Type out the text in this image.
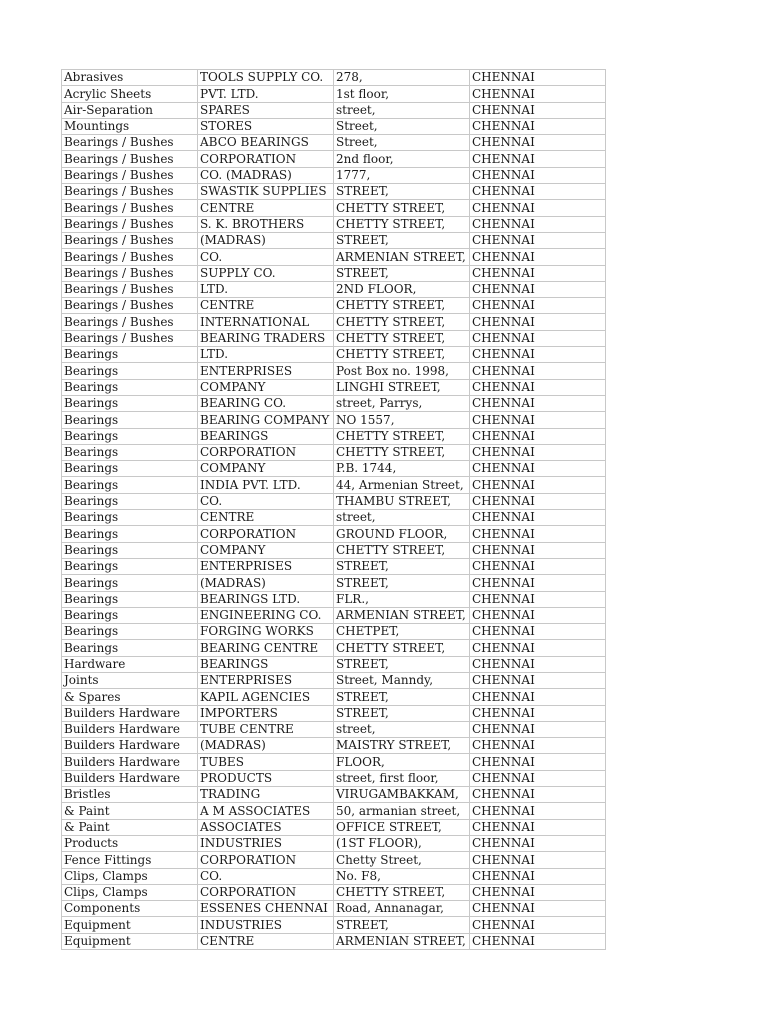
Abrasives	TOOLS SUPPLY CO.	278,	CHENNAI
Acrylic Sheets	PVT. LTD.	1st floor,	CHENNAI
Air-Separation	SPARES	street,	CHENNAI
Mountings	STORES	Street,	CHENNAI
Bearings / Bushes	ABCO BEARINGS	Street,	CHENNAI
Bearings / Bushes	CORPORATION	2nd floor,	CHENNAI
Bearings / Bushes	CO. (MADRAS)	1777,	CHENNAI
Bearings / Bushes	SWASTIK SUPPLIES	STREET,	CHENNAI
Bearings / Bushes	CENTRE	CHETTY STREET,	CHENNAI
Bearings / Bushes	S. K. BROTHERS	CHETTY STREET,	CHENNAI
Bearings / Bushes	(MADRAS)	STREET,	CHENNAI
Bearings / Bushes	CO.	ARMENIAN STREET,	CHENNAI
Bearings / Bushes	SUPPLY CO.	STREET,	CHENNAI
Bearings / Bushes	LTD.	2ND FLOOR,	CHENNAI
Bearings / Bushes	CENTRE	CHETTY STREET,	CHENNAI
Bearings / Bushes	INTERNATIONAL	CHETTY STREET,	CHENNAI
Bearings / Bushes	BEARING TRADERS	CHETTY STREET,	CHENNAI
Bearings	LTD.	CHETTY STREET,	CHENNAI
Bearings	ENTERPRISES	Post Box no. 1998,	CHENNAI
Bearings	COMPANY	LINGHI STREET,	CHENNAI
Bearings	BEARING CO.	street, Parrys,	CHENNAI
Bearings	BEARING COMPANY	NO 1557,	CHENNAI
Bearings	BEARINGS	CHETTY STREET,	CHENNAI
Bearings	CORPORATION	CHETTY STREET,	CHENNAI
Bearings	COMPANY	P.B. 1744,	CHENNAI
Bearings	INDIA PVT. LTD.	44, Armenian Street,	CHENNAI
Bearings	CO.	THAMBU STREET,	CHENNAI
Bearings	CENTRE	street,	CHENNAI
Bearings	CORPORATION	GROUND FLOOR,	CHENNAI
Bearings	COMPANY	CHETTY STREET,	CHENNAI
Bearings	ENTERPRISES	STREET,	CHENNAI
Bearings	(MADRAS)	STREET,	CHENNAI
Bearings	BEARINGS LTD.	FLR.,	CHENNAI
Bearings	ENGINEERING CO.	ARMENIAN STREET,	CHENNAI
Bearings	FORGING WORKS	CHETPET,	CHENNAI
Bearings	BEARING CENTRE	CHETTY STREET,	CHENNAI
Hardware	BEARINGS	STREET,	CHENNAI
Joints	ENTERPRISES	Street, Manndy,	CHENNAI
& Spares	KAPIL AGENCIES	STREET,	CHENNAI
Builders Hardware	IMPORTERS	STREET,	CHENNAI
Builders Hardware	TUBE CENTRE	street,	CHENNAI
Builders Hardware	(MADRAS)	MAISTRY STREET,	CHENNAI
Builders Hardware	TUBES	FLOOR,	CHENNAI
Builders Hardware	PRODUCTS	street, first floor,	CHENNAI
Bristles	TRADING	VIRUGAMBAKKAM,	CHENNAI
& Paint	A M ASSOCIATES	50, armanian street,	CHENNAI
& Paint	ASSOCIATES	OFFICE STREET,	CHENNAI
Products	INDUSTRIES	(1ST FLOOR),	CHENNAI
Fence Fittings	CORPORATION	Chetty Street,	CHENNAI
Clips, Clamps	CO.	No. F8,	CHENNAI
Clips, Clamps	CORPORATION	CHETTY STREET,	CHENNAI
Components	ESSENES CHENNAI	Road, Annanagar,	CHENNAI
Equipment	INDUSTRIES	STREET,	CHENNAI
Equipment	CENTRE	ARMENIAN STREET,	CHENNAI
